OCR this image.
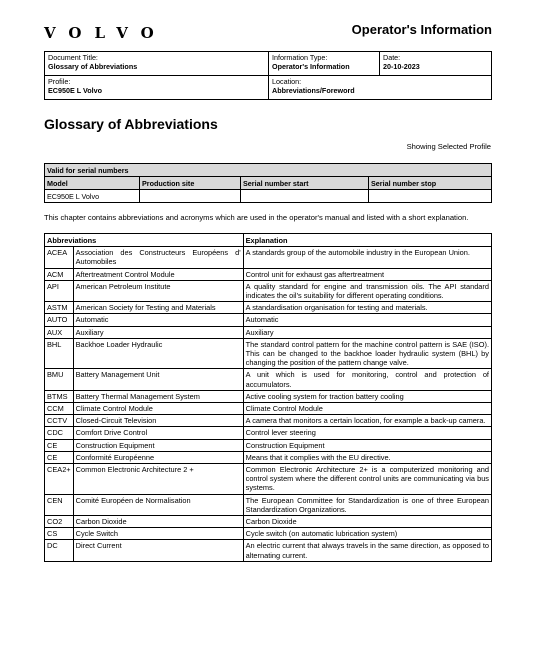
VOLVO	Operator's Information
Document Title:
Glossary of Abbreviations	Information Type:
Operator's Information	Date:
20-10-2023

Profile:
EC950E L Volvo	Location:
Abbreviations/Foreword	
Glossary of Abbreviations
Showing Selected Profile
Valid for serial numbers			
Model	Production site	Serial number start	Serial number stop
EC950E L Volvo			
This chapter contains abbreviations and acronyms which are used in the operator's manual and listed with a short explanation.
Abbreviations		Explanation
ACEA	Association des Constructeurs Européens d' Automobiles	A standards group of the automobile industry in the European Union.
ACM	Aftertreatment Control Module	Control unit for exhaust gas aftertreatment
API	American Petroleum Institute	A quality standard for engine and transmission oils. The API standard indicates the oil's suitability for different operating conditions.
ASTM	American Society for Testing and Materials	A standardisation organisation for testing and materials.
AUTO	Automatic	Automatic
AUX	Auxiliary	Auxiliary
BHL	Backhoe Loader Hydraulic	The standard control pattern for the machine control pattern is SAE (ISO). This can be changed to the backhoe loader hydraulic system (BHL) by changing the position of the pattern change valve.
BMU	Battery Management Unit	A unit which is used for monitoring, control and protection of accumulators.
BTMS	Battery Thermal Management System	Active cooling system for traction battery cooling
CCM	Climate Control Module	Climate Control Module
CCTV	Closed-Circuit Television	A camera that monitors a certain location, for example a back-up camera.
CDC	Comfort Drive Control	Control lever steering
CE	Construction Equipment	Construction Equipment
CE	Conformité Européenne	Means that it complies with the EU directive.
CEA2+	Common Electronic Architecture 2 +	Common Electronic Architecture 2+ is a computerized monitoring and control system where the different control units are communicating via bus systems.
CEN	Comité Européen de Normalisation	The European Committee for Standardization is one of three European Standardization Organizations.
CO2	Carbon Dioxide	Carbon Dioxide
CS	Cycle Switch	Cycle switch (on automatic lubrication system)
DC	Direct Current	An electric current that always travels in the same direction, as opposed to alternating current.
